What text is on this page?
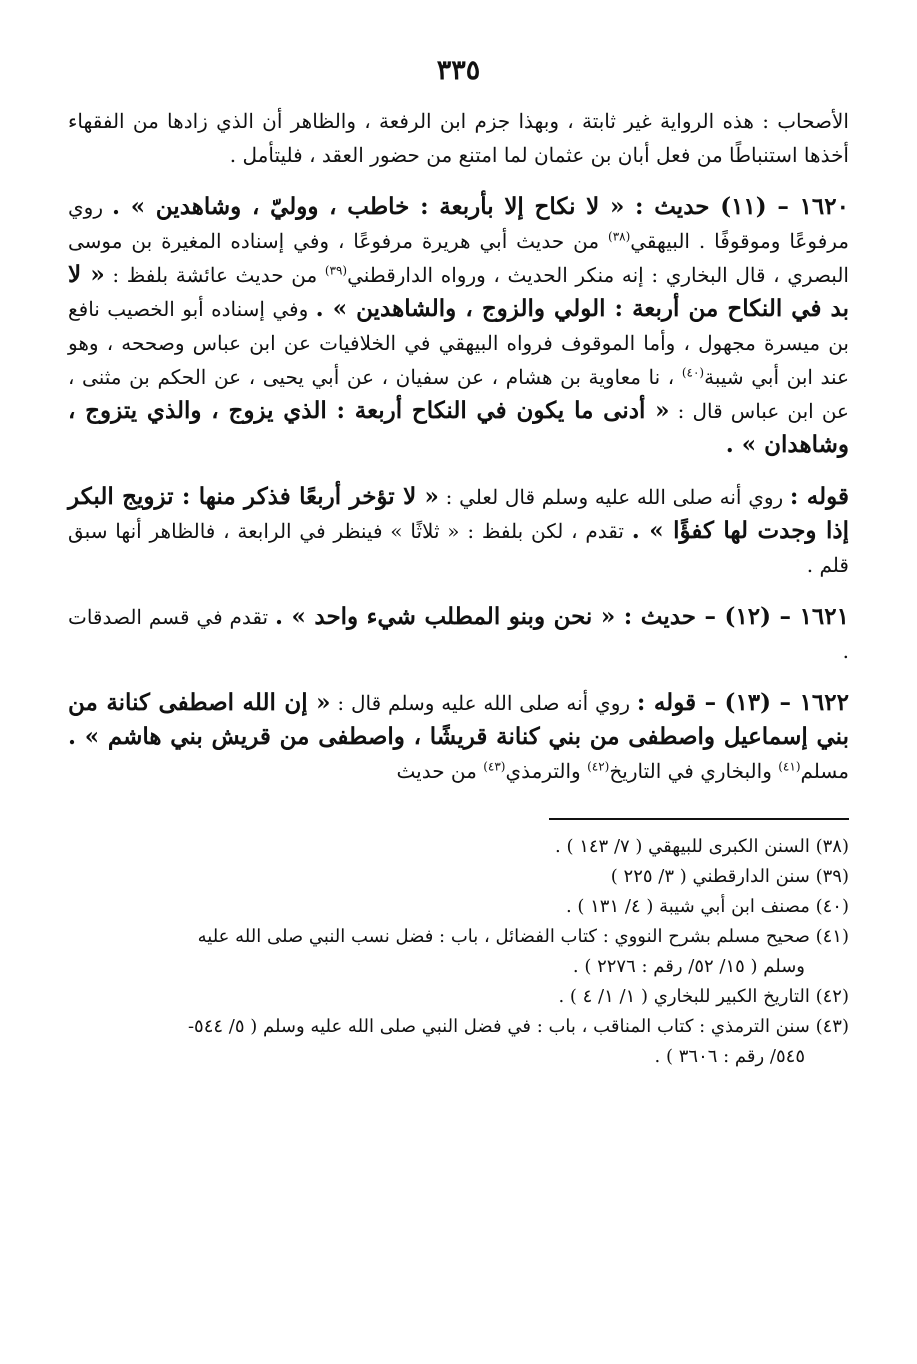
٣٣٥

الأصحاب : هذه الرواية غير ثابتة ، وبهذا جزم ابن الرفعة ، والظاهر أن الذي زادها من الفقهاء أخذها استنباطًا من فعل أبان بن عثمان لما امتنع من حضور العقد ، فليتأمل .

١٦٢٠ – (١١) حديث : « لا نكاح إلا بأربعة : خاطب ، ووليّ ، وشاهدين » . روي مرفوعًا وموقوفًا . البيهقي$^{(٣٨)}$ من حديث أبي هريرة مرفوعًا ، وفي إسناده المغيرة بن موسى البصري ، قال البخاري : إنه منكر الحديث ، ورواه الدارقطني$^{(٣٩)}$ من حديث عائشة بلفظ : « لا بد في النكاح من أربعة : الولي والزوج ، والشاهدين » . وفي إسناده أبو الخصيب نافع بن ميسرة مجهول ، وأما الموقوف فرواه البيهقي في الخلافيات عن ابن عباس وصححه ، وهو عند ابن أبي شيبة$^{(٤٠)}$ ، نا معاوية بن هشام ، عن سفيان ، عن أبي يحيى ، عن الحكم بن مثنى ، عن ابن عباس قال : « أدنى ما يكون في النكاح أربعة : الذي يزوج ، والذي يتزوج ، وشاهدان » .

قوله : روي أنه صلى الله عليه وسلم قال لعلي : « لا تؤخر أربعًا فذكر منها : تزويج البكر إذا وجدت لها كفؤًا » . تقدم ، لكن بلفظ : « ثلاثًا » فينظر في الرابعة ، فالظاهر أنها سبق قلم .

١٦٢١ – (١٢) – حديث : « نحن وبنو المطلب شيء واحد » . تقدم في قسم الصدقات .

١٦٢٢ – (١٣) – قوله : روي أنه صلى الله عليه وسلم قال : « إن الله اصطفى كنانة من بني إسماعيل واصطفى من بني كنانة قريشًا ، واصطفى من قريش بني هاشم » . مسلم$^{(٤١)}$ والبخاري في التاريخ$^{(٤٢)}$ والترمذي$^{(٤٣)}$ من حديث

(٣٨) السنن الكبرى للبيهقي ( ٧/ ١٤٣ ) .

(٣٩) سنن الدارقطني ( ٣/ ٢٢٥ )

(٤٠) مصنف ابن أبي شيبة ( ٤/ ١٣١ ) .

(٤١) صحيح مسلم بشرح النووي : كتاب الفضائل ، باب : فضل نسب النبي صلى الله عليه

وسلم ( ١٥/ ٥٢/ رقم : ٢٢٧٦ ) .

(٤٢) التاريخ الكبير للبخاري ( ١/ ١/ ٤ ) .

(٤٣) سنن الترمذي : كتاب المناقب ، باب : في فضل النبي صلى الله عليه وسلم ( ٥/ ٥٤٤-

٥٤٥/ رقم : ٣٦٠٦ ) .
